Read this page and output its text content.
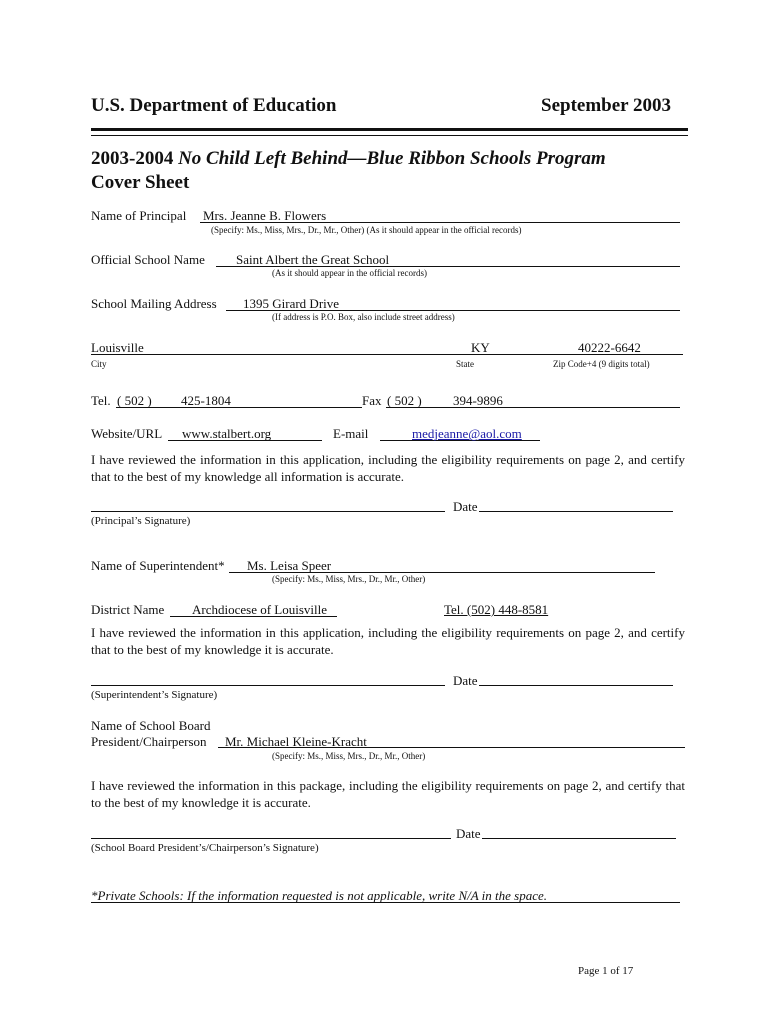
U.S. Department of Education	September 2003
2003-2004 No Child Left Behind—Blue Ribbon Schools Program
Cover Sheet
Name of Principal Mrs. Jeanne B. Flowers
(Specify: Ms., Miss, Mrs., Dr., Mr., Other) (As it should appear in the official records)
Official School Name Saint Albert the Great School
(As it should appear in the official records)
School Mailing Address 1395 Girard Drive
(If address is P.O. Box, also include street address)
Louisville	KY	40222-6642
City	State	Zip Code+4 (9 digits total)
Tel. ( 502 ) 425-1804	Fax ( 502 ) 394-9896
Website/URL www.stalbert.org	E-mail	medjeanne@aol.com
I have reviewed the information in this application, including the eligibility requirements on page 2, and certify that to the best of my knowledge all information is accurate.
Date
(Principal’s Signature)
Name of Superintendent* Ms. Leisa Speer
(Specify: Ms., Miss, Mrs., Dr., Mr., Other)
District Name Archdiocese of Louisville	Tel. (502) 448-8581
I have reviewed the information in this application, including the eligibility requirements on page 2, and certify that to the best of my knowledge it is accurate.
Date
(Superintendent’s Signature)
Name of School Board
President/Chairperson Mr. Michael Kleine-Kracht
(Specify: Ms., Miss, Mrs., Dr., Mr., Other)
I have reviewed the information in this package, including the eligibility requirements on page 2, and certify that to the best of my knowledge it is accurate.
Date
(School Board President’s/Chairperson’s Signature)
*Private Schools: If the information requested is not applicable, write N/A in the space.
Page 1 of 17
